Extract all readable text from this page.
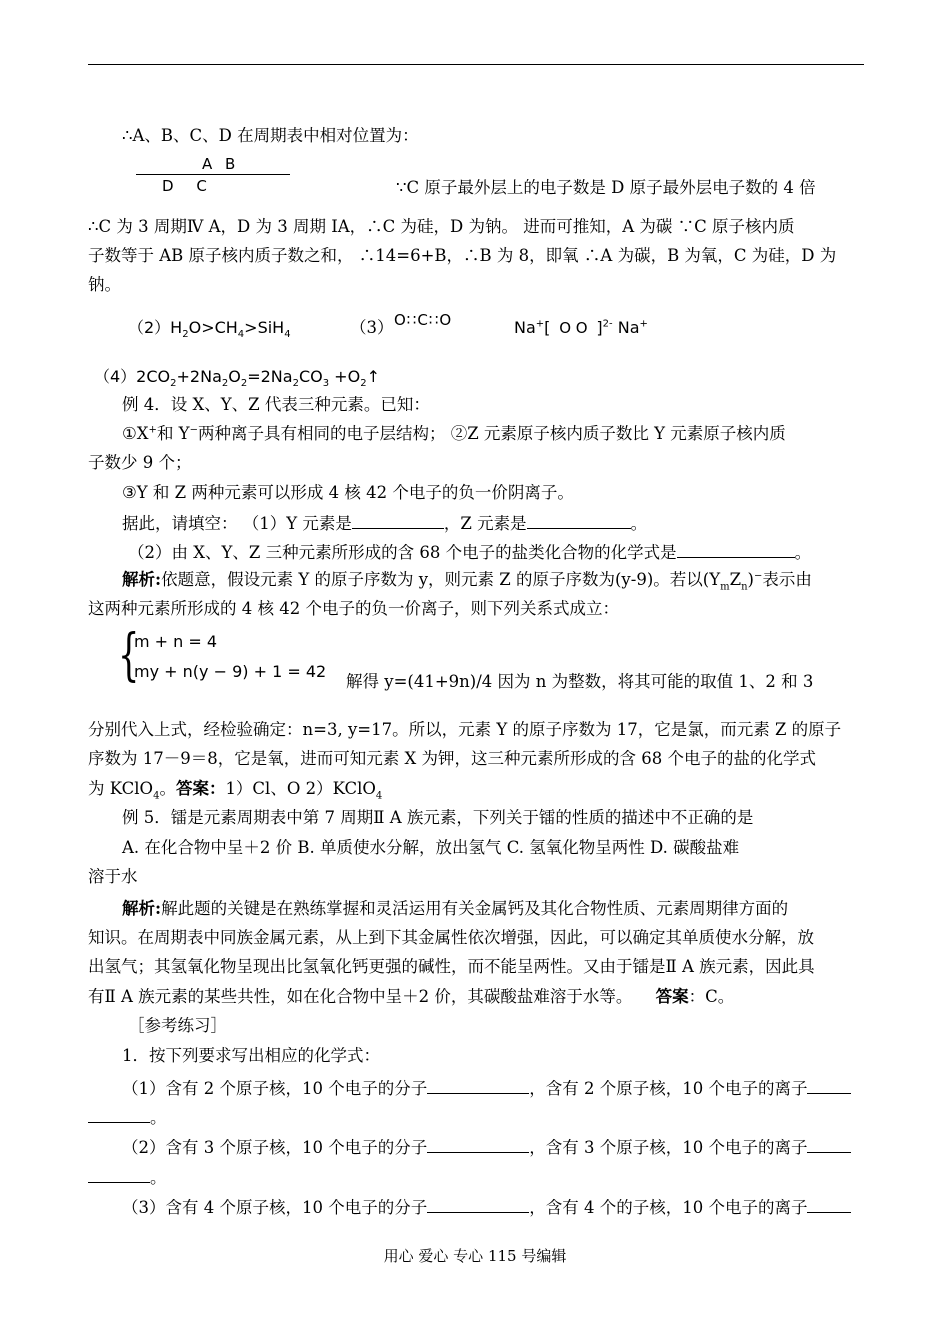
∴A、B、C、D 在周期表中相对位置为：
A B
D C	∵C 原子最外层上的电子数是 D 原子最外层电子数的 4 倍
∴C 为 3 周期Ⅳ A，D 为 3 周期 IA，∴C 为硅，D 为钠。 进而可推知，A 为碳 ∵C 原子核内质
子数等于 AB 原子核内质子数之和， ∴14=6+B，∴B 为 8，即氧 ∴A 为碳，B 为氧，C 为硅，D 为
钠。
$(2)H_2O>CH_4>SiH_4$	（3） O∷C∷O	Na+[ O O ]$^{2-}$ Na+
$(4)2CO_2+2Na_2O_2=2Na_2CO_3$ $+O_2↑$
例 4．设 X、Y、Z 代表三种元素。已知：
①X+和 Y−两种离子具有相同的电子层结构； ②Z 元素原子核内质子数比 Y 元素原子核内质
子数少 9 个；
③Y 和 Z 两种元素可以形成 4 核 42 个电子的负一价阴离子。
据此，请填空： （1）Y 元素是	，Z 元素是	。
（2）由 X、Y、Z 三种元素所形成的含 68 个电子的盐类化合物的化学式是	。
解析:依题意，假设元素 Y 的原子序数为 y，则元素 Z 的原子序数为(y-9)。若以$(Y_mZ_n)^-$表示由
这两种元素所形成的 4 核 42 个电子的负一价离子，则下列关系式成立：
{
m + n = 4
my + n(y − 9) + 1 = 42
解得 y=(41+9n)/4 因为 n 为整数，将其可能的取值 1、2 和 3
分别代入上式，经检验确定：n=3, y=17。所以，元素 Y 的原子序数为 17，它是氯，而元素 Z 的原子
序数为 17－9＝8，它是氧，进而可知元素 X 为钾，这三种元素所形成的含 68 个电子的盐的化学式
为 KClO$_4$。答案：1）Cl、O 2）KClO$_4$
例 5．镭是元素周期表中第 7 周期Ⅱ A 族元素，下列关于镭的性质的描述中不正确的是
A. 在化合物中呈＋2 价 B. 单质使水分解，放出氢气 C. 氢氧化物呈两性 D. 碳酸盐难
溶于水
解析:解此题的关键是在熟练掌握和灵活运用有关金属钙及其化合物性质、元素周期律方面的
知识。在周期表中同族金属元素，从上到下其金属性依次增强，因此，可以确定其单质使水分解，放
出氢气；其氢氧化物呈现出比氢氧化钙更强的碱性，而不能呈两性。又由于镭是Ⅱ A 族元素，因此具
有Ⅱ A 族元素的某些共性，如在化合物中呈＋2 价，其碳酸盐难溶于水等。 答案：C。
［参考练习］
1．按下列要求写出相应的化学式：
（1）含有 2 个原子核，10 个电子的分子	，含有 2 个原子核，10 个电子的离子
。
（2）含有 3 个原子核，10 个电子的分子	，含有 3 个原子核，10 个电子的离子
。
（3）含有 4 个原子核，10 个电子的分子	，含有 4 个的子核，10 个电子的离子
用心 爱心 专心 115 号编辑
